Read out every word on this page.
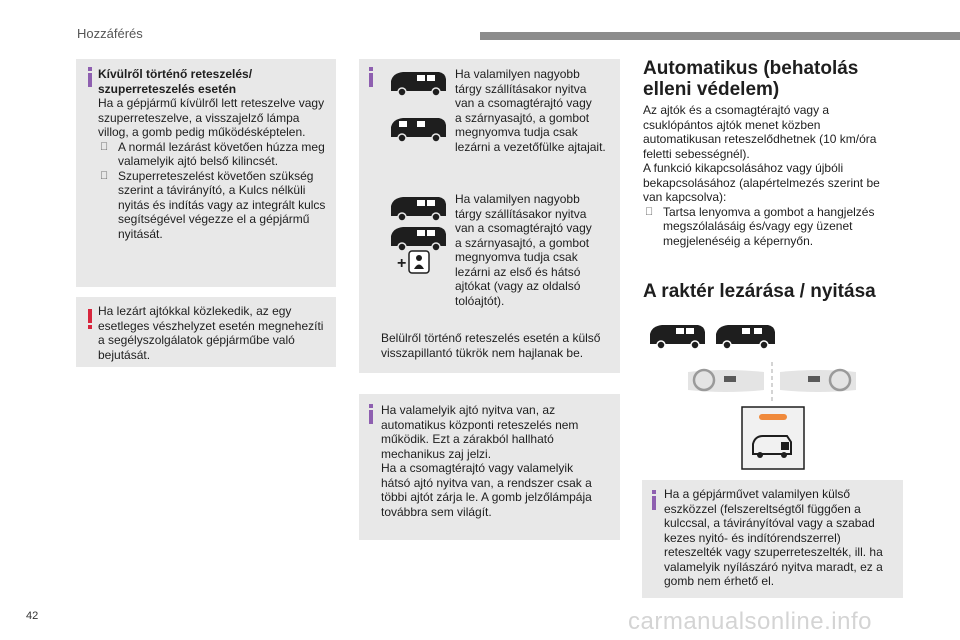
Hozzáférés
Kívülről történő reteszelés/
szuperreteszelés esetén
Ha a gépjármű kívülről lett reteszelve vagy
szuperreteszelve, a visszajelző lámpa
villog, a gomb pedig működésképtelen.
A normál lezárást követően húzza meg
valamelyik ajtó belső kilincsét.
Szuperreteszelést követően szükség
szerint a távirányító, a Kulcs nélküli
nyitás és indítás vagy az integrált kulcs
segítségével végezze el a gépjármű
nyitását.
Ha lezárt ajtókkal közlekedik, az egy
esetleges vészhelyzet esetén megnehezíti
a segélyszolgálatok gépjárműbe való
bejutását.
Ha valamilyen nagyobb
tárgy szállításakor nyitva
van a csomagtérajtó vagy
a szárnyasajtó, a gombot
megnyomva tudja csak
lezárni a vezetőfülke ajtajait.
+
Ha valamilyen nagyobb
tárgy szállításakor nyitva
van a csomagtérajtó vagy
a szárnyasajtó, a gombot
megnyomva tudja csak
lezárni az első és hátsó
ajtókat (vagy az oldalsó
tolóajtót).
Belülről történő reteszelés esetén a külső
visszapillantó tükrök nem hajlanak be.
Ha valamelyik ajtó nyitva van, az
automatikus központi reteszelés nem
működik. Ezt a zárakból hallható
mechanikus zaj jelzi.
Ha a csomagtérajtó vagy valamelyik
hátsó ajtó nyitva van, a rendszer csak a
többi ajtót zárja le. A gomb jelzőlámpája
továbbra sem világít.
Automatikus (behatolás
elleni védelem)
Az ajtók és a csomagtérajtó vagy a
csuklópántos ajtók menet közben
automatikusan reteszelődhetnek (10 km/óra
feletti sebességnél).
A funkció kikapcsolásához vagy újbóli
bekapcsolásához (alapértelmezés szerint be
van kapcsolva):
Tartsa lenyomva a gombot a hangjelzés
megszólalásáig és/vagy egy üzenet
megjelenéséig a képernyőn.
A raktér lezárása / nyitása
Ha a gépjárművet valamilyen külső
eszközzel (felszereltségtől függően a
kulccsal, a távirányítóval vagy a szabad
kezes nyitó- és indítórendszerrel)
reteszelték vagy szuperreteszelték, ill. ha
valamelyik nyílászáró nyitva maradt, ez a
gomb nem érhető el.
42	carmanualsonline.info
